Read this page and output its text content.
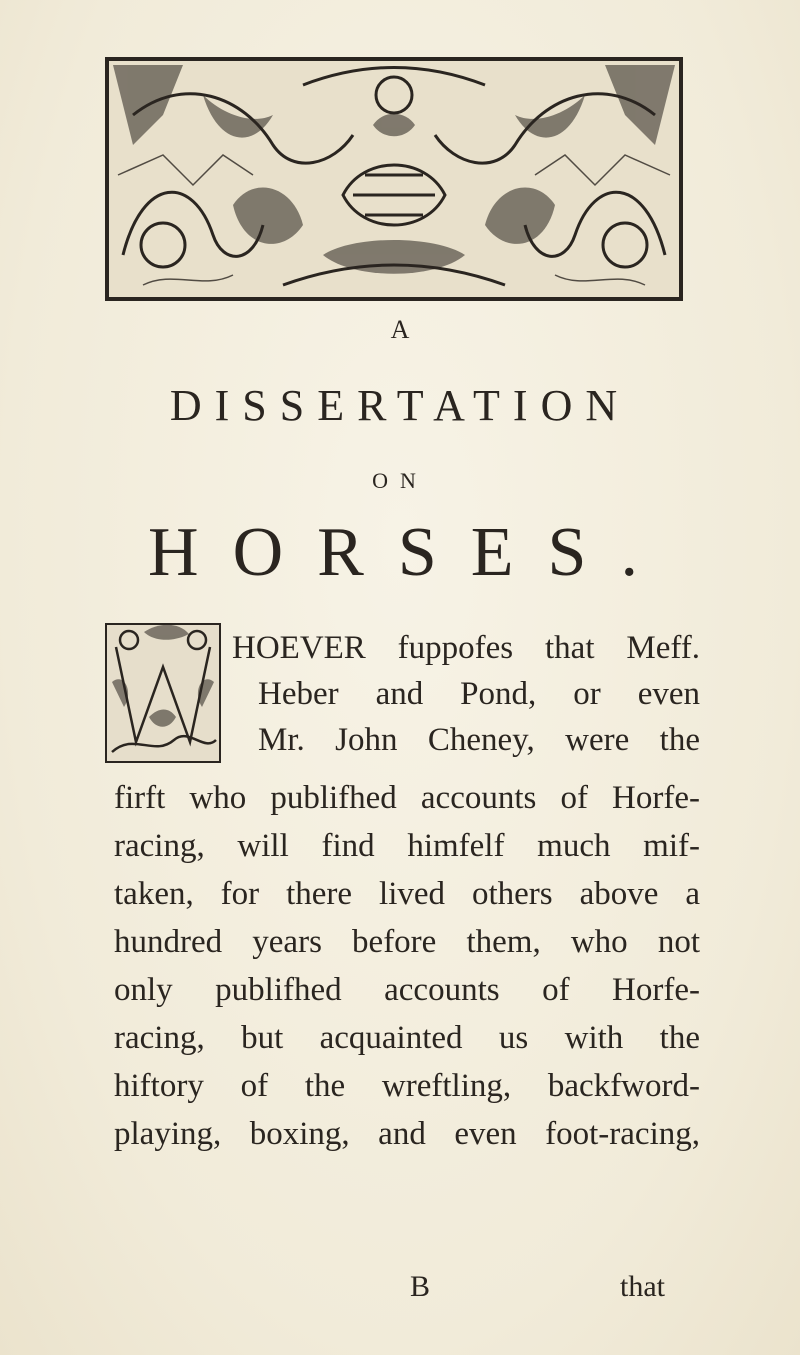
A
DISSERTATION
ON
HORSES.
HOEVER fuppofes that Meff.
Heber and Pond, or even
Mr. John Cheney, were the
firft who publifhed accounts of Horfe-
racing, will find himfelf much mif-
taken, for there lived others above a
hundred years before them, who not
only publifhed accounts of Horfe-
racing, but acquainted us with the
hiftory of the wreftling, backfword-
playing, boxing, and even foot-racing,
B	that
